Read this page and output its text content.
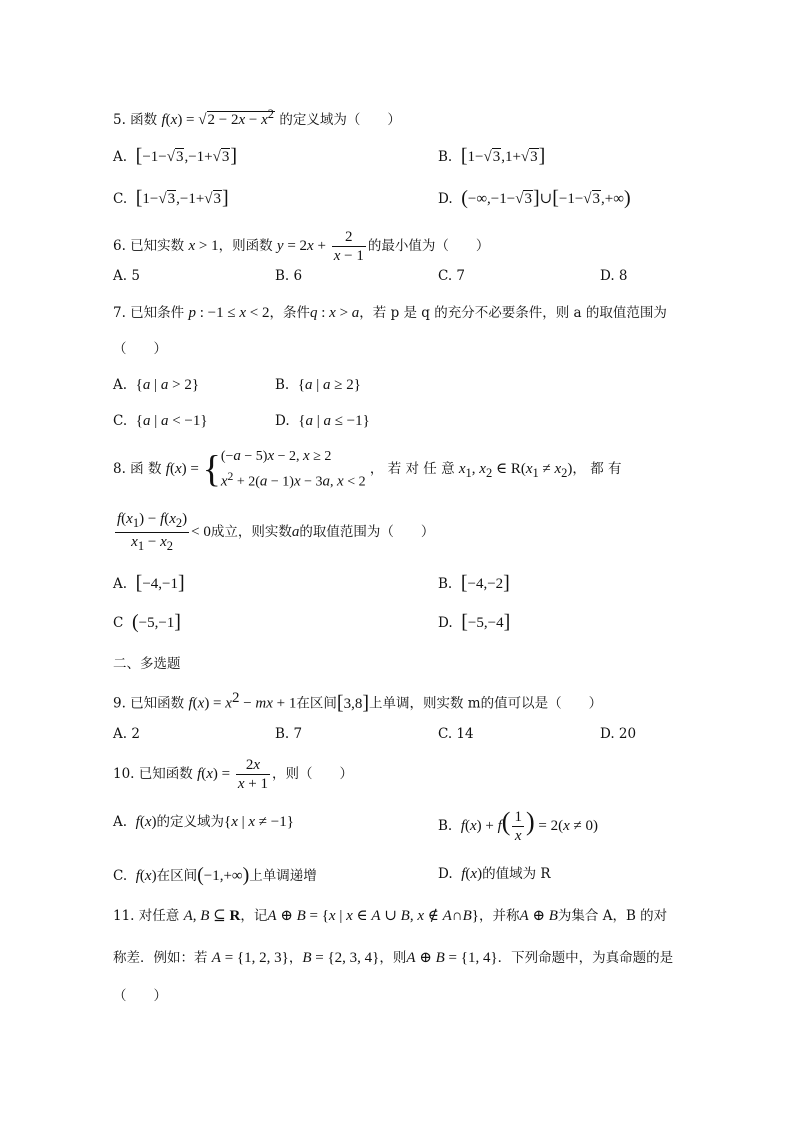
5. 函数 $f(x) = √2 - 2x - x^2$ 的定义域为（　　）
A. [−1−√3,−1+√3]	B. [1−√3,1+√3]
C. [1−√3,−1+√3]	D. (−∞,−1−√3]∪[−1−√3,+∞)
6. 已知实数 x > 1，则函数 $y = 2x + \frac{2}{x - 1}$ 的最小值为（　　）
A. 5	B. 6	C. 7	D. 8
7. 已知条件 p : −1 ≤ x < 2，条件q : x > a，若 p 是 q 的充分不必要条件，则 a 的取值范围为
（　　）
A. {a | a > 2}	B. {a | a ≥ 2}
C. {a | a < −1}	D. {a | a ≤ −1}
8. 函 数 f(x) = { (−a − 5)x − 2, x ≥ 2
$x^2 + 2(a - 1)x - 3a$, x < 2
， 若 对 任 意 $x_1$, $x_2$ ∈ $R(x_1 \ne x_2)$， 都 有
$\frac{f(x_1) - f(x_2)}{x_1 - x_2} < 0$成立，则实数a的取值范围为（　　）
A. [−4,−1]	B. [−4,−2]
C (−5,−1]	D. [−5,−4]
二、多选题
9. 已知函数 $f(x) = x^2$ − mx + 1在区间[3,8]上单调，则实数 m的值可以是（　　）
A. 2	B. 7	C. 14	D. 20
10. 已知函数 $f(x) = \frac{2x}{x + 1}$ ，则（　　）
A. f(x)的定义域为{x | x ≠ −1}	B. $f(x) + f( \frac{1}{x}$ ) = 2(x ≠ 0)
C. f(x)在区间(−1,+∞)上单调递增	D. f(x)的值域为 R
11. 对任意 A, B ⊆ R，记A ⊕ B = {x | x ∈ A ∪ B, x ∉ A∩B}，并称A ⊕ B为集合 A，B 的对
称差．例如：若 A = {1, 2, 3}，B = {2, 3, 4}，则A ⊕ B = {1, 4}．下列命题中，为真命题的是
（　　）
